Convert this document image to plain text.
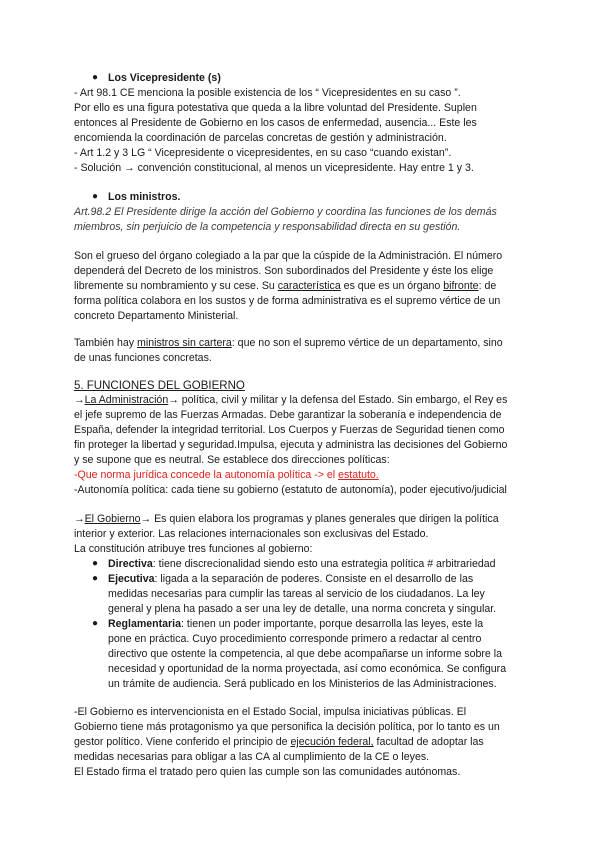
● Los Vicepresidente (s)
- Art 98.1 CE menciona la posible existencia de los “ Vicepresidentes en su caso ”.
Por ello es una figura potestativa que queda a la libre voluntad del Presidente. Suplen
entonces al Presidente de Gobierno en los casos de enfermedad, ausencia... Este les
encomienda la coordinación de parcelas concretas de gestión y administración.
- Art 1.2 y 3 LG “ Vicepresidente o vicepresidentes, en su caso “cuando existan”.
- Solución → convención constitucional, al menos un vicepresidente. Hay entre 1 y 3.
● Los ministros.
Art.98.2 El Presidente dirige la acción del Gobierno y coordina las funciones de los demás
miembros, sin perjuicio de la competencia y responsabilidad directa en su gestión.
Son el grueso del órgano colegiado a la par que la cúspide de la Administración. El número
dependerá del Decreto de los ministros. Son subordinados del Presidente y éste los elige
libremente su nombramiento y su cese. Su característica es que es un órgano bifronte: de
forma política colabora en los sustos y de forma administrativa es el supremo vértice de un
concreto Departamento Ministerial.
También hay ministros sin cartera: que no son el supremo vértice de un departamento, sino
de unas funciones concretas.
5. FUNCIONES DEL GOBIERNO
→La Administración→ política, civil y militar y la defensa del Estado. Sin embargo, el Rey es
el jefe supremo de las Fuerzas Armadas. Debe garantizar la soberanía e independencia de
España, defender la integridad territorial. Los Cuerpos y Fuerzas de Seguridad tienen como
fin proteger la libertad y seguridad.Impulsa, ejecuta y administra las decisiones del Gobierno
y se supone que es neutral. Se establece dos direcciones políticas:
-Que norma jurídica concede la autonomía política -> el estatuto.
-Autonomía política: cada tiene su gobierno (estatuto de autonomía), poder ejecutivo/judicial
→El Gobierno→ Es quien elabora los programas y planes generales que dirigen la política
interior y exterior. Las relaciones internacionales son exclusivas del Estado.
La constitución atribuye tres funciones al gobierno:
● Directiva: tiene discrecionalidad siendo esto una estrategia política # arbitrariedad
● Ejecutiva: ligada a la separación de poderes. Consiste en el desarrollo de las
medidas necesarias para cumplir las tareas al servicio de los ciudadanos. La ley
general y plena ha pasado a ser una ley de detalle, una norma concreta y singular.
● Reglamentaria: tienen un poder importante, porque desarrolla las leyes, este la
pone en práctica. Cuyo procedimiento corresponde primero a redactar al centro
directivo que ostente la competencia, al que debe acompañarse un informe sobre la
necesidad y oportunidad de la norma proyectada, así como económica. Se configura
un trámite de audiencia. Será publicado en los Ministerios de las Administraciones.
-El Gobierno es intervencionista en el Estado Social, impulsa iniciativas públicas. El
Gobierno tiene más protagonismo ya que personifica la decisión política, por lo tanto es un
gestor político. Viene conferido el principio de ejecución federal, facultad de adoptar las
medidas necesarias para obligar a las CA al cumplimiento de la CE o leyes.
El Estado firma el tratado pero quien las cumple son las comunidades autónomas.
